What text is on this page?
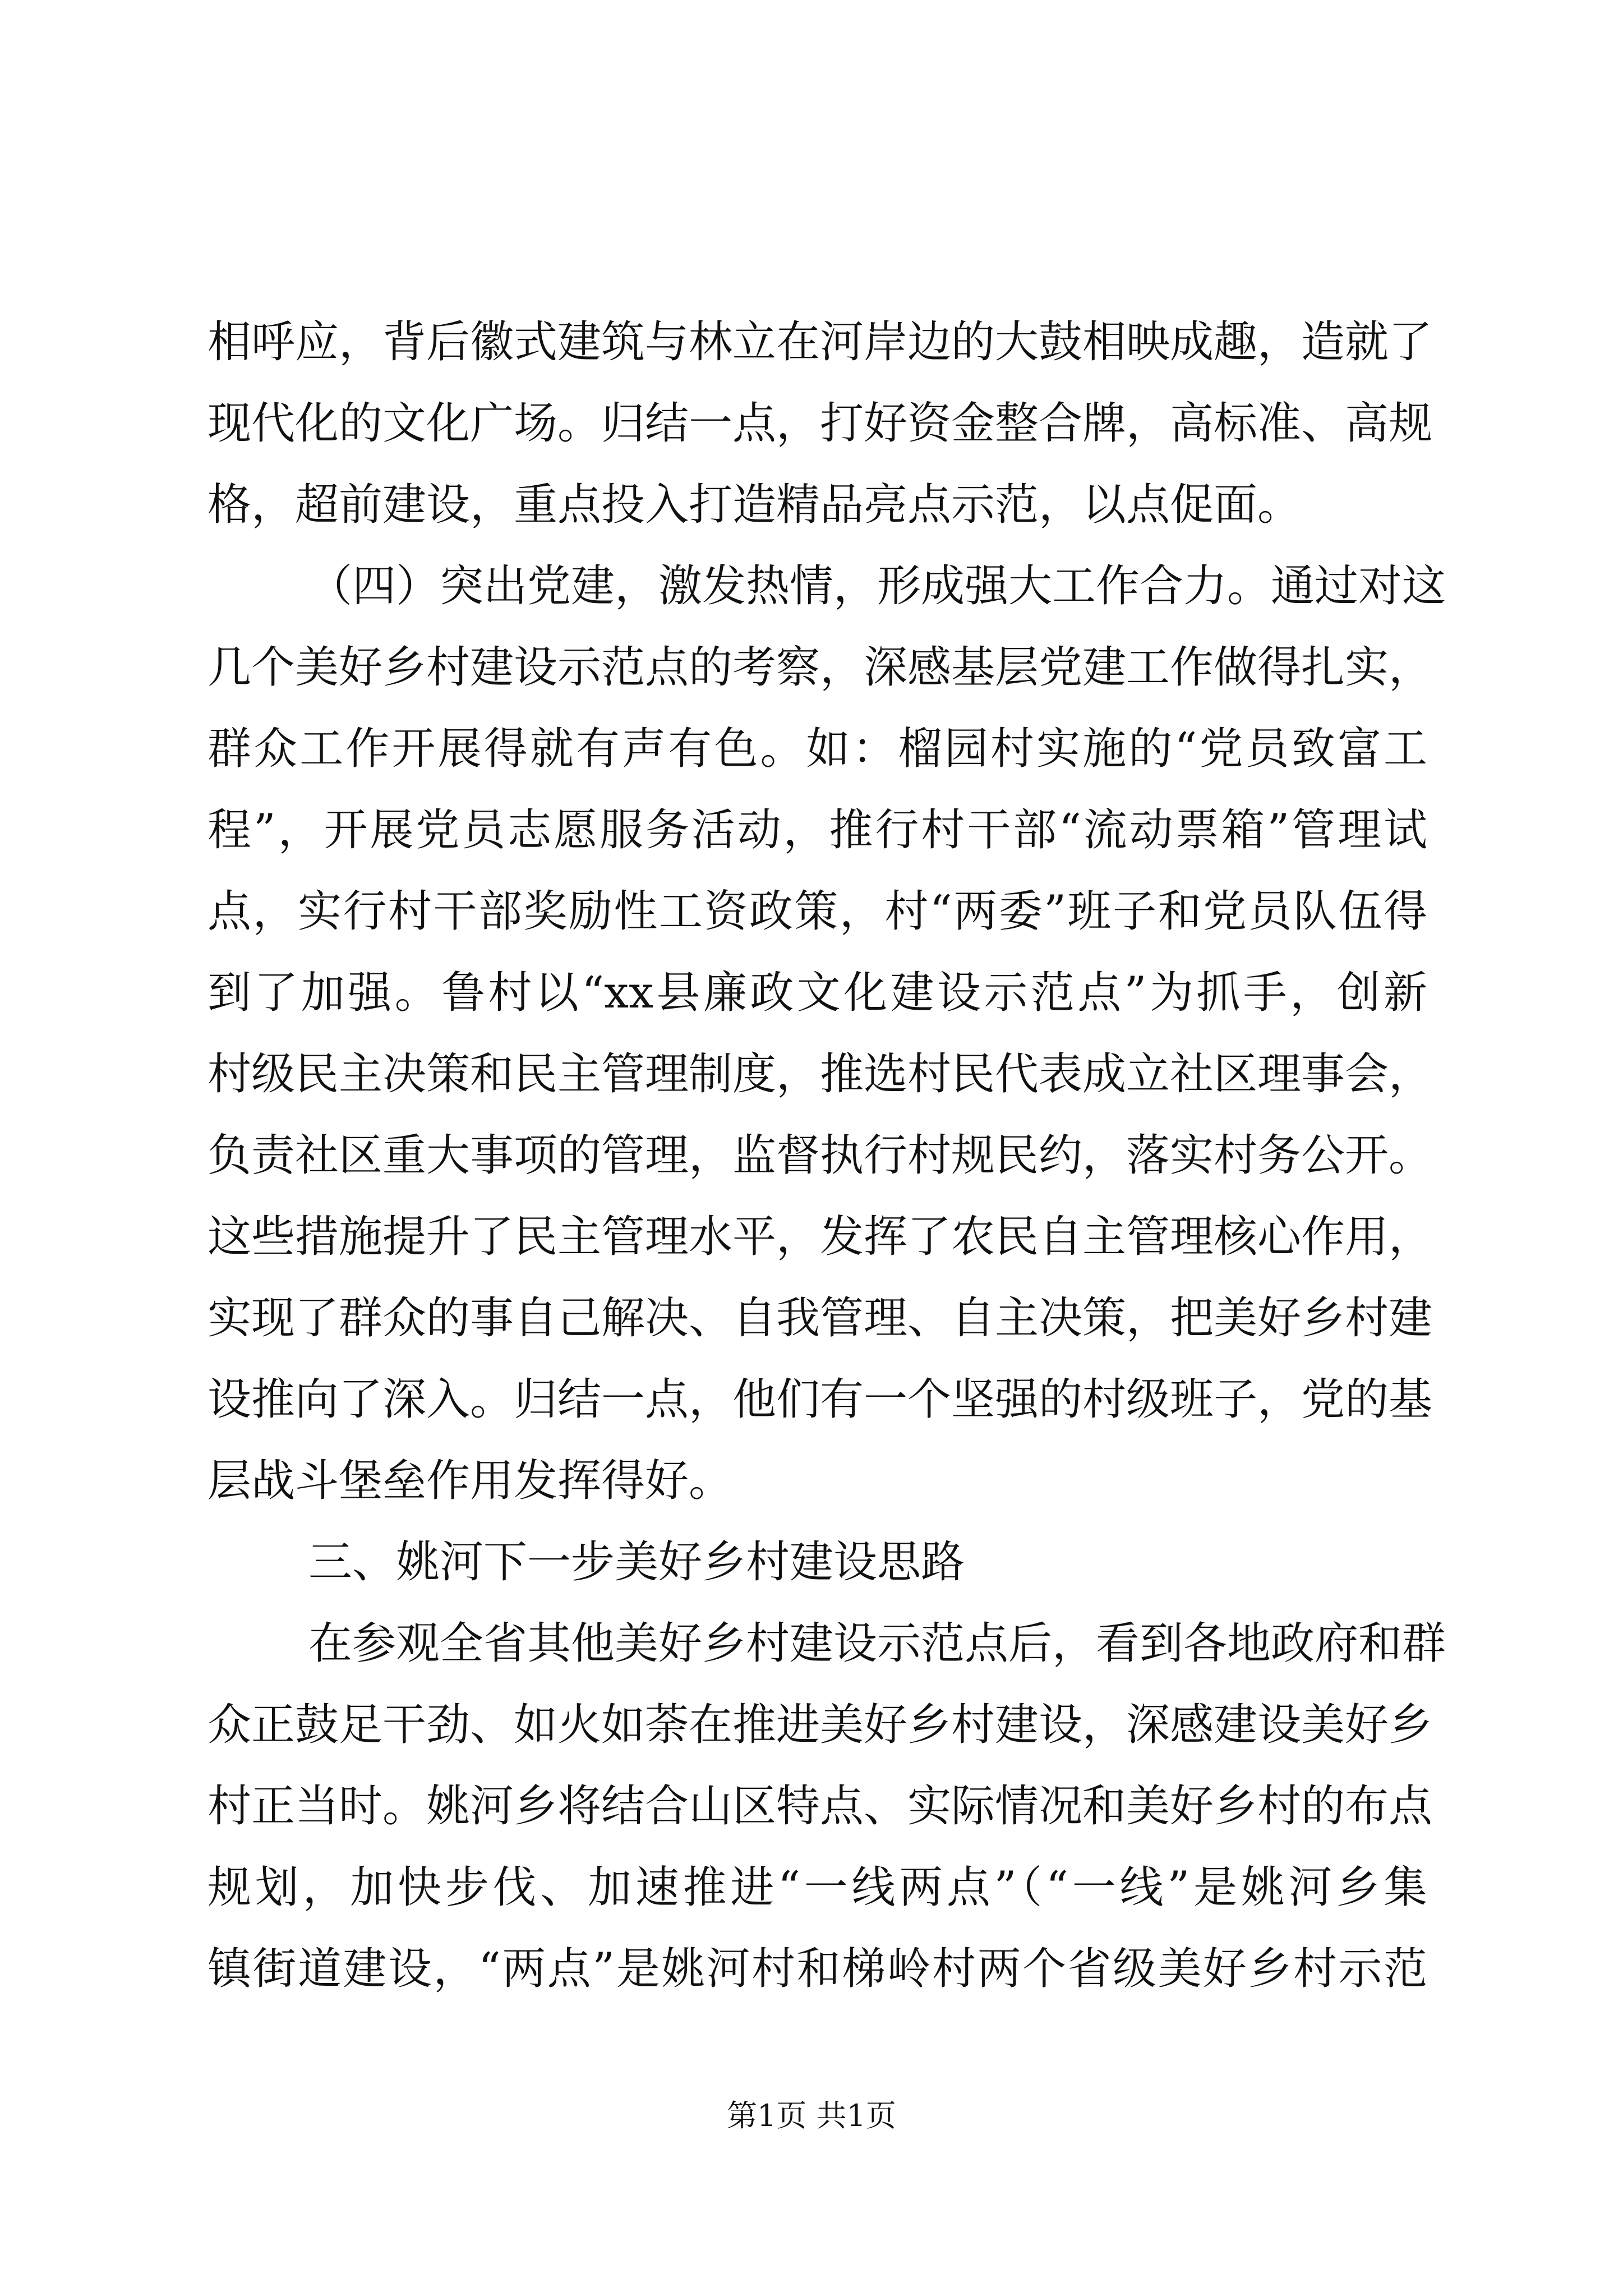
相呼应，背后徽式建筑与林立在河岸边的大鼓相映成趣，造就了
现代化的文化广场。归结一点，打好资金整合牌，高标准、高规
格，超前建设，重点投入打造精品亮点示范，以点促面。
（四）突出党建，激发热情，形成强大工作合力。通过对这
几个美好乡村建设示范点的考察，深感基层党建工作做得扎实，
群众工作开展得就有声有色。如：榴园村实施的“党员致富工
程”，开展党员志愿服务活动，推行村干部“流动票箱”管理试
点，实行村干部奖励性工资政策，村“两委”班子和党员队伍得
到了加强。鲁村以“xx县廉政文化建设示范点”为抓手，创新
村级民主决策和民主管理制度，推选村民代表成立社区理事会，
负责社区重大事项的管理，监督执行村规民约，落实村务公开。
这些措施提升了民主管理水平，发挥了农民自主管理核心作用，
实现了群众的事自己解决、自我管理、自主决策，把美好乡村建
设推向了深入。归结一点，他们有一个坚强的村级班子，党的基
层战斗堡垒作用发挥得好。
三、姚河下一步美好乡村建设思路
在参观全省其他美好乡村建设示范点后，看到各地政府和群
众正鼓足干劲、如火如荼在推进美好乡村建设，深感建设美好乡
村正当时。姚河乡将结合山区特点、实际情况和美好乡村的布点
规划，加快步伐、加速推进“一线两点”（“一线”是姚河乡集
镇街道建设，“两点”是姚河村和梯岭村两个省级美好乡村示范
第1页 共1页
